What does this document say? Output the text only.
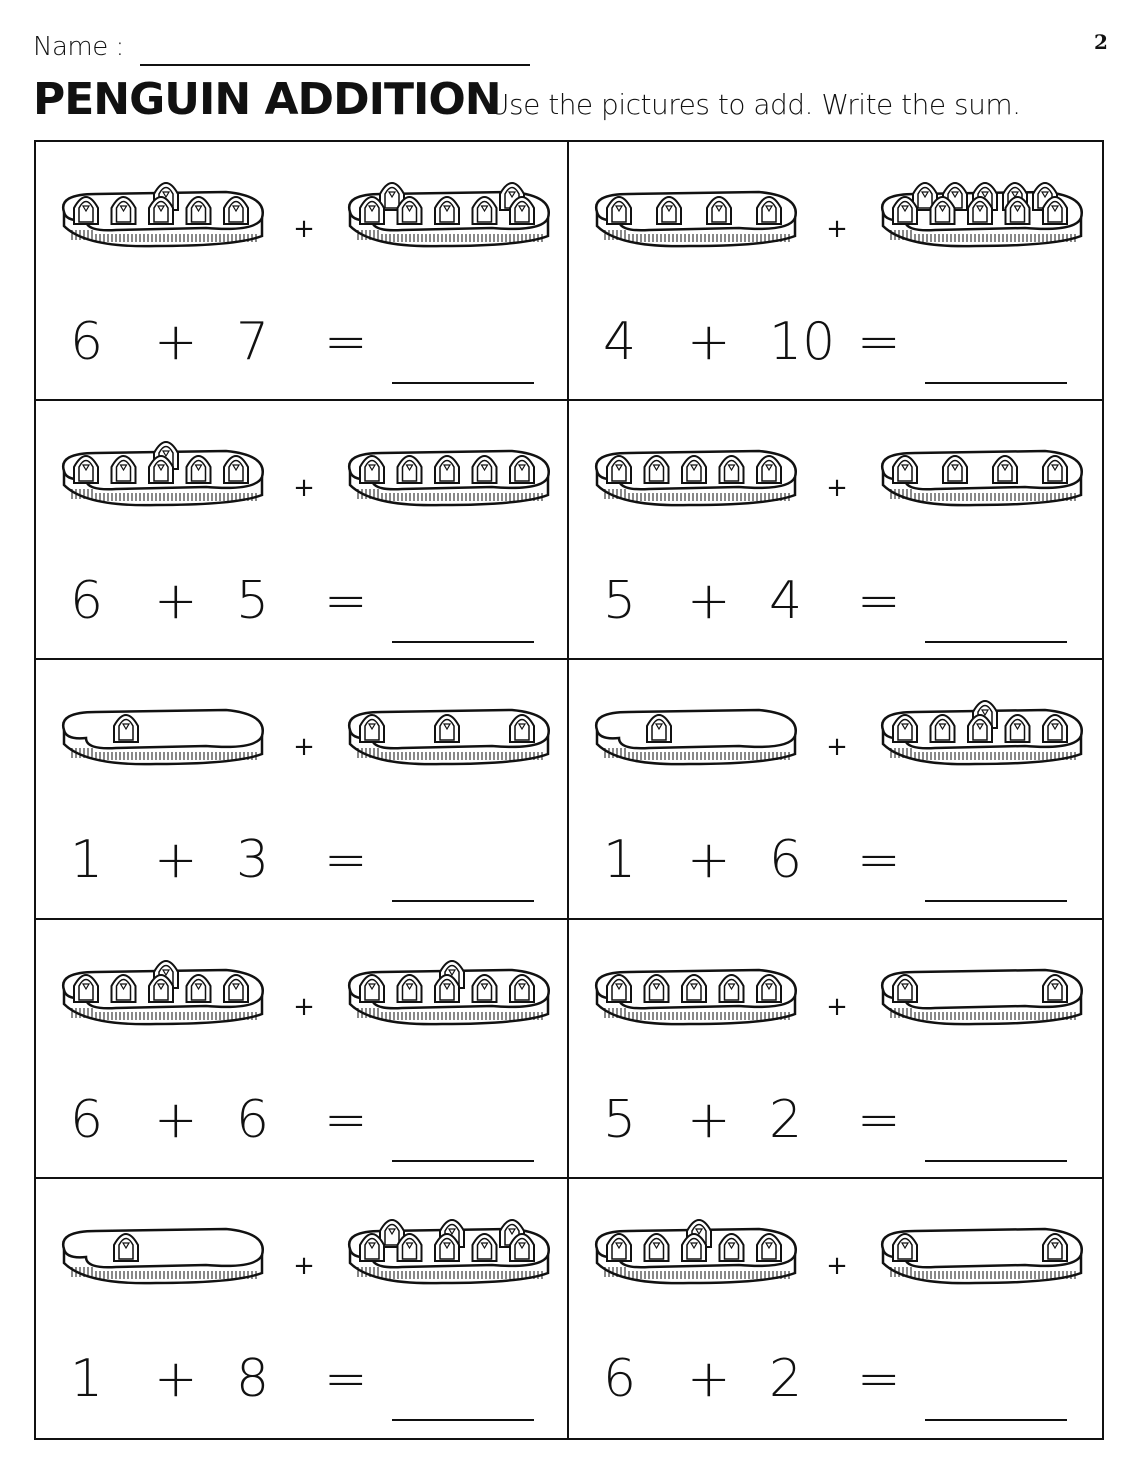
Name :	2
PENGUIN ADDITION
Use the pictures to add. Write the sum.
+
6 + 7 =
+
4 + 10 =
+
6 + 5 =
+
5 + 4 =
+
1 + 3 =
+
1 + 6 =
+
6 + 6 =
+
5 + 2 =
+
1 + 8 =
+
6 + 2 =
